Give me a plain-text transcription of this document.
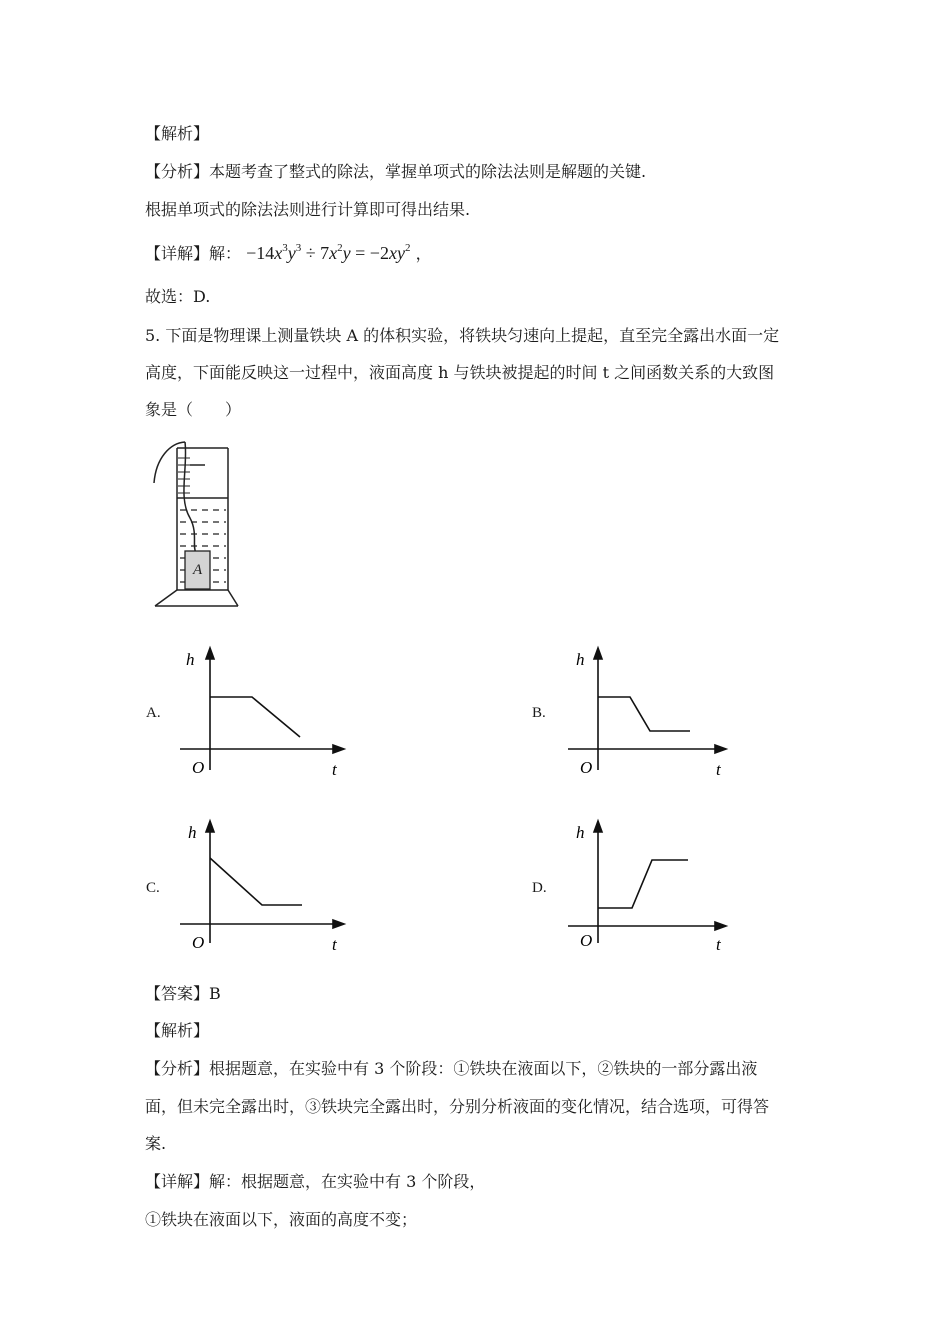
【解析】
【分析】本题考查了整式的除法，掌握单项式的除法法则是解题的关键.
根据单项式的除法法则进行计算即可得出结果.
【详解】解： $-14x^3y^3 \div 7x^2y = -2xy^2$ ，
故选：D.
5. 下面是物理课上测量铁块 A 的体积实验，将铁块匀速向上提起，直至完全露出水面一定
高度，下面能反映这一过程中，液面高度 h 与铁块被提起的时间 t 之间函数关系的大致图
象是（　　）
A
A.
h
O	t
B.
h
O	t
C.
h
O	t
D.
h
O	t
【答案】B
【解析】
【分析】根据题意，在实验中有 3 个阶段：①铁块在液面以下，②铁块的一部分露出液
面，但未完全露出时，③铁块完全露出时，分别分析液面的变化情况，结合选项，可得答
案.
【详解】解：根据题意，在实验中有 3 个阶段，
①铁块在液面以下，液面的高度不变；
